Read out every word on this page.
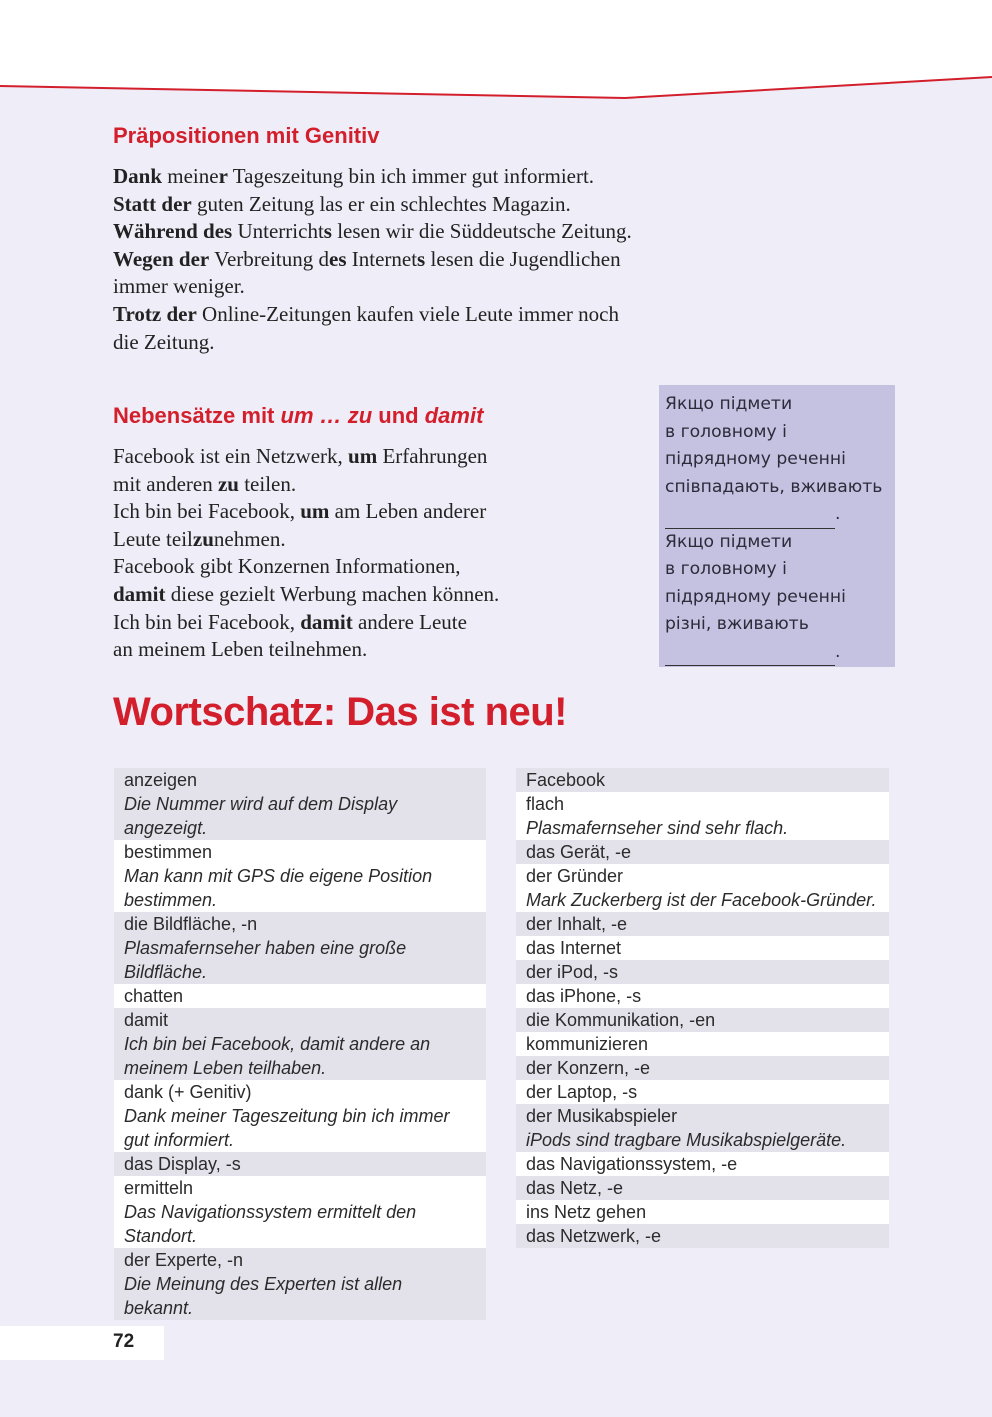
Präpositionen mit Genitiv
Dank meiner Tageszeitung bin ich immer gut informiert.
Statt der guten Zeitung las er ein schlechtes Magazin.
Während des Unterrichts lesen wir die Süddeutsche Zeitung.
Wegen der Verbreitung des Internets lesen die Jugendlichen
immer weniger.
Trotz der Online-Zeitungen kaufen viele Leute immer noch
die Zeitung.
Nebensätze mit um … zu und damit
Facebook ist ein Netzwerk, um Erfahrungen
mit anderen zu teilen.
Ich bin bei Facebook, um am Leben anderer
Leute teilzunehmen.
Facebook gibt Konzernen Informationen,
damit diese gezielt Werbung machen können.
Ich bin bei Facebook, damit andere Leute
an meinem Leben teilnehmen.
Якщо підмети
в головному і
підрядному реченні
співпадають, вживають
.
Якщо підмети
в головному і
підрядному реченні
різні, вживають
.
Wortschatz: Das ist neu!
anzeigen
Die Nummer wird auf dem Display angezeigt.
bestimmen
Man kann mit GPS die eigene Position bestimmen.
die Bildfläche, -n
Plasmafernseher haben eine große Bildfläche.
chatten
damit
Ich bin bei Facebook, damit andere an meinem Leben teilhaben.
dank (+ Genitiv)
Dank meiner Tageszeitung bin ich immer gut informiert.
das Display, -s
ermitteln
Das Navigationssystem ermittelt den Standort.
der Experte, -n
Die Meinung des Experten ist allen bekannt.
Facebook
flach
Plasmafernseher sind sehr flach.
das Gerät, -e
der Gründer
Mark Zuckerberg ist der Facebook-Gründer.
der Inhalt, -e
das Internet
der iPod, -s
das iPhone, -s
die Kommunikation, -en
kommunizieren
der Konzern, -e
der Laptop, -s
der Musikabspieler
iPods sind tragbare Musikabspielgeräte.
das Navigationssystem, -e
das Netz, -e
ins Netz gehen
das Netzwerk, -e
72
